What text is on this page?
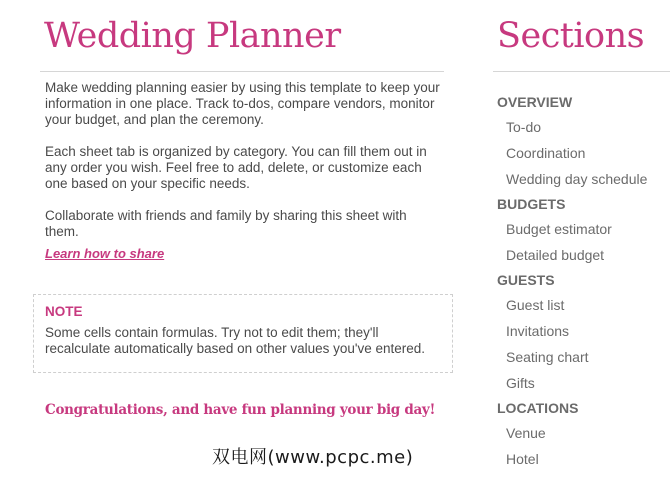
Wedding Planner

Make wedding planning easier by using this template to keep your information in one place. Track to-dos, compare vendors, monitor your budget, and plan the ceremony.

Each sheet tab is organized by category. You can fill them out in any order you wish. Feel free to add, delete, or customize each one based on your specific needs.

Collaborate with friends and family by sharing this sheet with them.

Learn how to share
NOTE
Some cells contain formulas. Try not to edit them; they'll recalculate automatically based on other values you've entered.
Congratulations, and have fun planning your big day!
Sections
OVERVIEW
To-do
Coordination
Wedding day schedule
BUDGETS
Budget estimator
Detailed budget
GUESTS
Guest list
Invitations
Seating chart
Gifts
LOCATIONS
Venue
Hotel
双电网(www.pcpc.me)
